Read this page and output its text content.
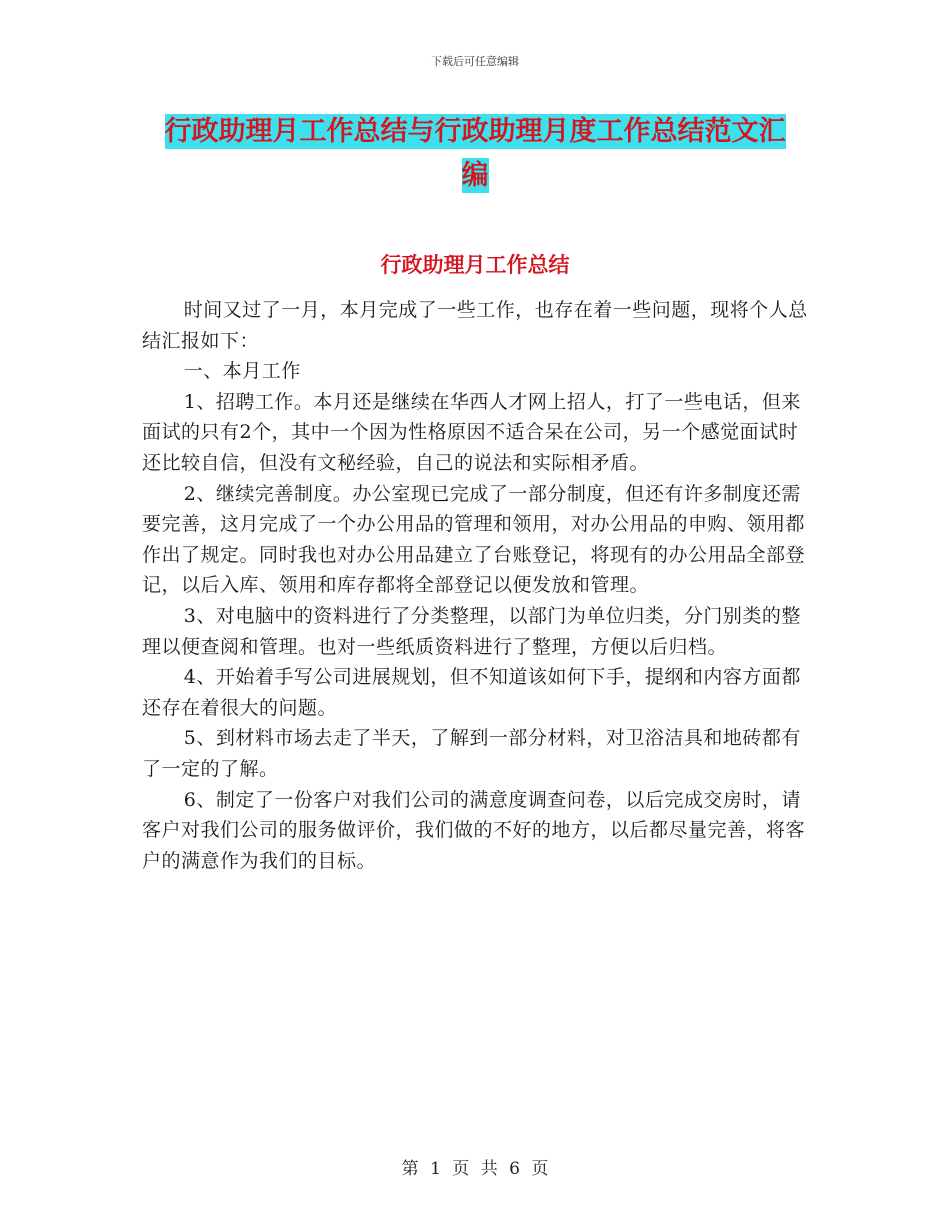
下载后可任意编辑
行政助理月工作总结与行政助理月度工作总结范文汇
编
行政助理月工作总结

时间又过了一月，本月完成了一些工作，也存在着一些问题，现将个人总结汇报如下：

一、本月工作

1、招聘工作。本月还是继续在华西人才网上招人，打了一些电话，但来面试的只有2个，其中一个因为性格原因不适合呆在公司，另一个感觉面试时还比较自信，但没有文秘经验，自己的说法和实际相矛盾。

2、继续完善制度。办公室现已完成了一部分制度，但还有许多制度还需要完善，这月完成了一个办公用品的管理和领用，对办公用品的申购、领用都作出了规定。同时我也对办公用品建立了台账登记，将现有的办公用品全部登记，以后入库、领用和库存都将全部登记以便发放和管理。

3、对电脑中的资料进行了分类整理，以部门为单位归类，分门别类的整理以便查阅和管理。也对一些纸质资料进行了整理，方便以后归档。

4、开始着手写公司进展规划，但不知道该如何下手，提纲和内容方面都还存在着很大的问题。

5、到材料市场去走了半天，了解到一部分材料，对卫浴洁具和地砖都有了一定的了解。

6、制定了一份客户对我们公司的满意度调查问卷，以后完成交房时，请客户对我们公司的服务做评价，我们做的不好的地方，以后都尽量完善，将客户的满意作为我们的目标。

第 1 页 共 6 页
